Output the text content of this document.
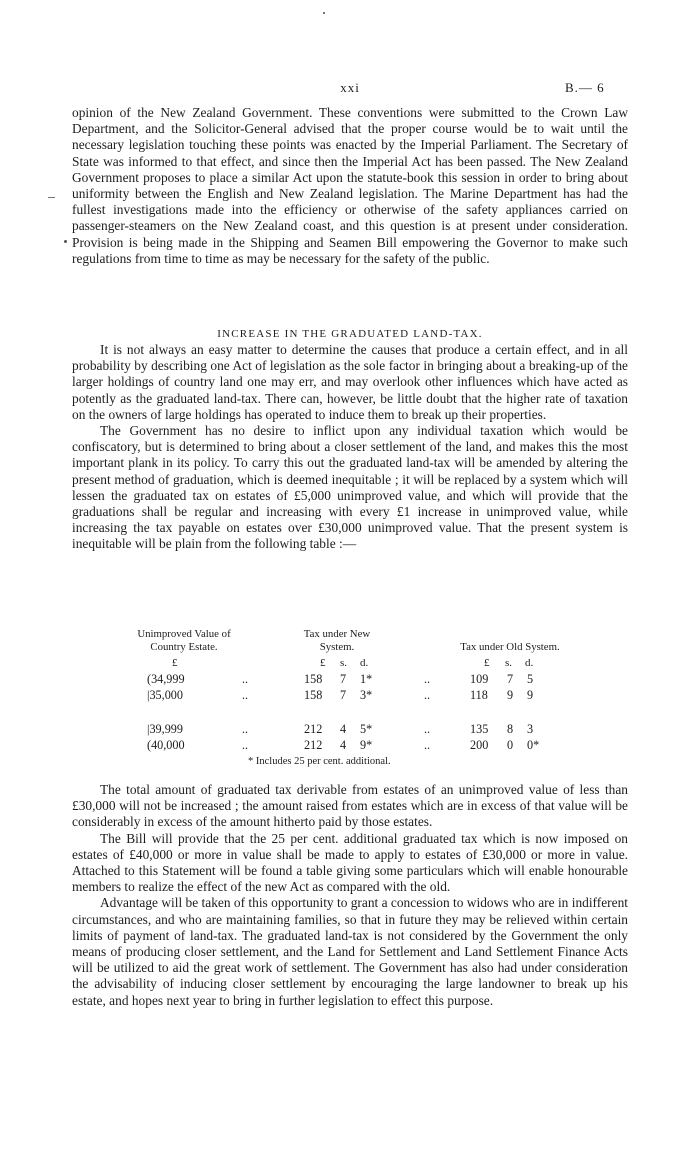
xxi	B.— 6

opinion of the New Zealand Government. These conventions were submitted to the Crown Law Department, and the Solicitor-General advised that the proper course would be to wait until the necessary legislation touching these points was enacted by the Imperial Parliament. The Secretary of State was informed to that effect, and since then the Imperial Act has been passed. The New Zealand Government proposes to place a similar Act upon the statute-book this session in order to bring about uniformity between the English and New Zealand legislation. The Marine Department has had the fullest investigations made into the efficiency or otherwise of the safety appliances carried on passenger-steamers on the New Zealand coast, and this question is at present under consideration. Provision is being made in the Shipping and Seamen Bill empowering the Governor to make such regulations from time to time as may be necessary for the safety of the public.

INCREASE IN THE GRADUATED LAND-TAX.

It is not always an easy matter to determine the causes that produce a certain effect, and in all probability by describing one Act of legislation as the sole factor in bringing about a breaking-up of the larger holdings of country land one may err, and may overlook other influences which have acted as potently as the graduated land-tax. There can, however, be little doubt that the higher rate of taxation on the owners of large holdings has operated to induce them to break up their properties.

The Government has no desire to inflict upon any individual taxation which would be confiscatory, but is determined to bring about a closer settlement of the land, and makes this the most important plank in its policy. To carry this out the graduated land-tax will be amended by altering the present method of graduation, which is deemed inequitable ; it will be replaced by a system which will lessen the graduated tax on estates of £5,000 unimproved value, and which will provide that the graduations shall be regular and increasing with every £1 increase in unimproved value, while increasing the tax payable on estates over £30,000 unimproved value. That the present system is inequitable will be plain from the following table :—

Unimproved Value of
Country Estate.
Tax under New
System.	Tax under Old System.
£	£ s. d.	£ s. d.
(34,999	..	158 7 1*	..	109 7 5
|35,000	..	158 7 3*	..	118 9 9
|39,999	..	212 4 5*	..	135 8 3
(40,000	..	212 4 9*	..	200 0 0*
* Includes 25 per cent. additional.

The total amount of graduated tax derivable from estates of an unimproved value of less than £30,000 will not be increased ; the amount raised from estates which are in excess of that value will be considerably in excess of the amount hitherto paid by those estates.

The Bill will provide that the 25 per cent. additional graduated tax which is now imposed on estates of £40,000 or more in value shall be made to apply to estates of £30,000 or more in value. Attached to this Statement will be found a table giving some particulars which will enable honourable members to realize the effect of the new Act as compared with the old.

Advantage will be taken of this opportunity to grant a concession to widows who are in indifferent circumstances, and who are maintaining families, so that in future they may be relieved within certain limits of payment of land-tax. The graduated land-tax is not considered by the Government the only means of producing closer settlement, and the Land for Settlement and Land Settlement Finance Acts will be utilized to aid the great work of settlement. The Government has also had under consideration the advisability of inducing closer settlement by encouraging the large landowner to break up his estate, and hopes next year to bring in further legislation to effect this purpose.
